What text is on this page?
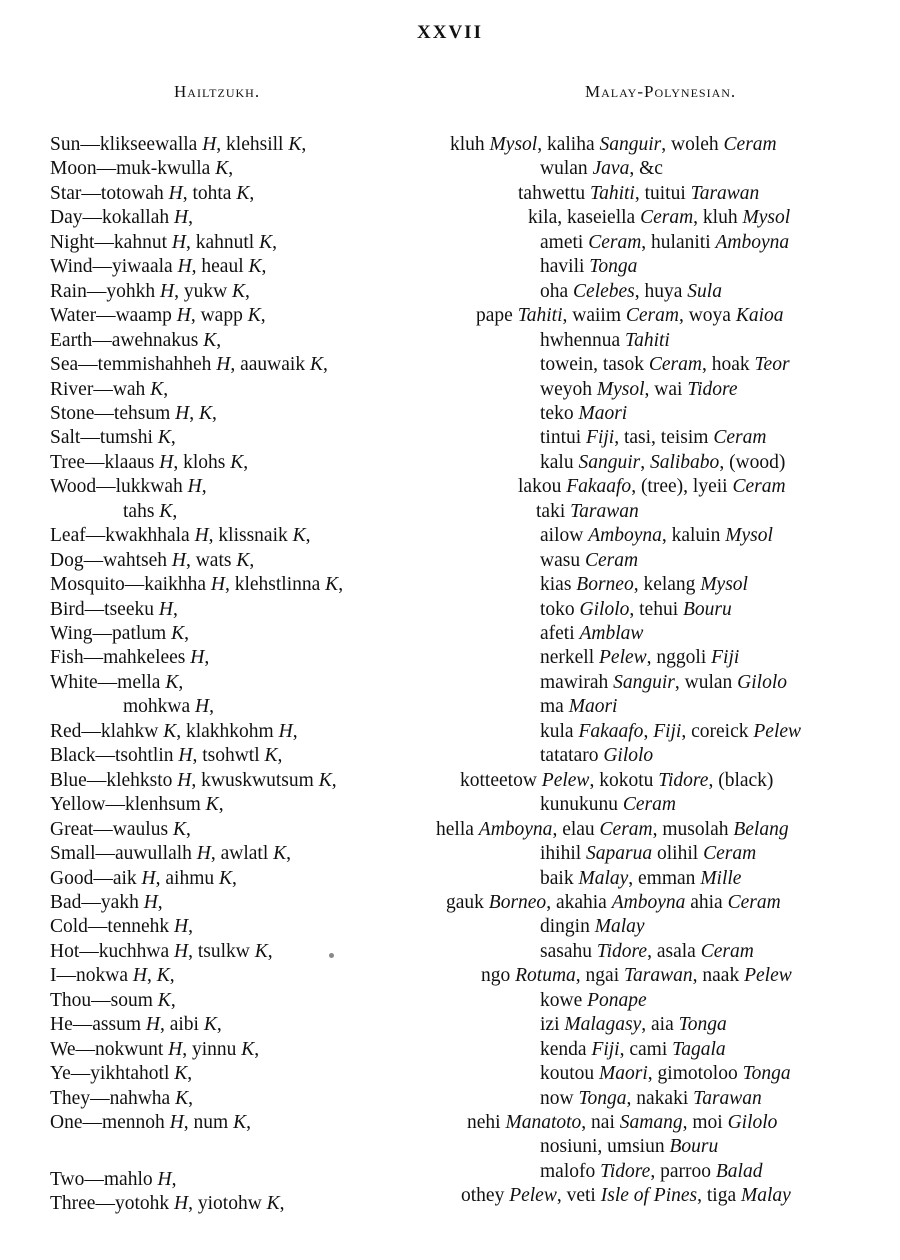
XXVII
Hailtzukh.	Malay-Polynesian.
Sun—klikseewalla H, klehsill K,
Moon—muk-kwulla K,
Star—totowah H, tohta K,
Day—kokallah H,
Night—kahnut H, kahnutl K,
Wind—yiwaala H, heaul K,
Rain—yohkh H, yukw K,
Water—waamp H, wapp K,
Earth—awehnakus K,
Sea—temmishahheh H, aauwaik K,
River—wah K,
Stone—tehsum H, K,
Salt—tumshi K,
Tree—klaaus H, klohs K,
Wood—lukkwah H,
tahs K,
Leaf—kwakhhala H, klissnaik K,
Dog—wahtseh H, wats K,
Mosquito—kaikhha H, klehstlinna K,
Bird—tseeku H,
Wing—patlum K,
Fish—mahkelees H,
White—mella K,
mohkwa H,
Red—klahkw K, klakhkohm H,
Black—tsohtlin H, tsohwtl K,
Blue—klehksto H, kwuskwutsum K,
Yellow—klenhsum K,
Great—waulus K,
Small—auwullalh H, awlatl K,
Good—aik H, aihmu K,
Bad—yakh H,
Cold—tennehk H,
Hot—kuchhwa H, tsulkw K,
I—nokwa H, K,
Thou—soum K,
He—assum H, aibi K,
We—nokwunt H, yinnu K,
Ye—yikhtahotl K,
They—nahwha K,
One—mennoh H, num K,
Two—mahlo H,
Three—yotohk H, yiotohw K,
kluh Mysol, kaliha Sanguir, woleh Ceram
wulan Java, &c
tahwettu Tahiti, tuitui Tarawan
kila, kaseiella Ceram, kluh Mysol
ameti Ceram, hulaniti Amboyna
havili Tonga
oha Celebes, huya Sula
pape Tahiti, waiim Ceram, woya Kaioa
hwhennua Tahiti
towein, tasok Ceram, hoak Teor
weyoh Mysol, wai Tidore
teko Maori
tintui Fiji, tasi, teisim Ceram
kalu Sanguir, Salibabo, (wood)
lakou Fakaafo, (tree), lyeii Ceram
taki Tarawan
ailow Amboyna, kaluin Mysol
wasu Ceram
kias Borneo, kelang Mysol
toko Gilolo, tehui Bouru
afeti Amblaw
nerkell Pelew, nggoli Fiji
mawirah Sanguir, wulan Gilolo
ma Maori
kula Fakaafo, Fiji, coreick Pelew
tatataro Gilolo
kotteetow Pelew, kokotu Tidore, (black)
kunukunu Ceram
hella Amboyna, elau Ceram, musolah Belang
ihihil Saparua olihil Ceram
baik Malay, emman Mille
gauk Borneo, akahia Amboyna ahia Ceram
dingin Malay
sasahu Tidore, asala Ceram
ngo Rotuma, ngai Tarawan, naak Pelew
kowe Ponape
izi Malagasy, aia Tonga
kenda Fiji, cami Tagala
koutou Maori, gimotoloo Tonga
now Tonga, nakaki Tarawan
nehi Manatoto, nai Samang, moi Gilolo
nosiuni, umsiun Bouru
malofo Tidore, parroo Balad
othey Pelew, veti Isle of Pines, tiga Malay
